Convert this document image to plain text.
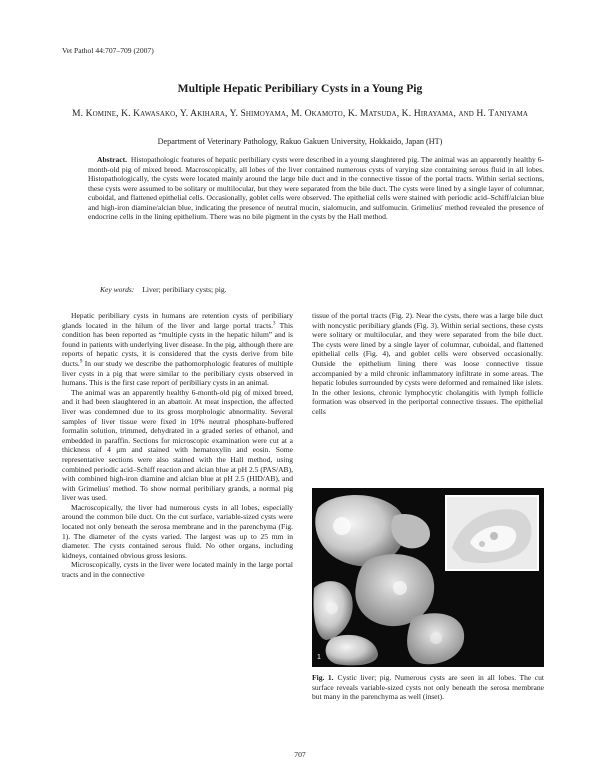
Vet Pathol 44:707–709 (2007)
Multiple Hepatic Peribiliary Cysts in a Young Pig
M. Komine, K. Kawasako, Y. Akihara, Y. Shimoyama, M. Okamoto, K. Matsuda, K. Hirayama, and H. Taniyama
Department of Veterinary Pathology, Rakuo Gakuen University, Hokkaido, Japan (HT)
Abstract. Histopathologic features of hepatic peribiliary cysts were described in a young slaughtered pig. The animal was an apparently healthy 6-month-old pig of mixed breed. Macroscopically, all lobes of the liver contained numerous cysts of varying size containing serous fluid in all lobes. Histopathologically, the cysts were located mainly around the large bile duct and in the connective tissue of the portal tracts. Within serial sections, these cysts were assumed to be solitary or multilocular, but they were separated from the bile duct. The cysts were lined by a single layer of columnar, cuboidal, and flattened epithelial cells. Occasionally, goblet cells were observed. The epithelial cells were stained with periodic acid–Schiff/alcian blue and high-iron diamine/alcian blue, indicating the presence of neutral mucin, sialomucin, and sulfomucin. Grimelius' method revealed the presence of endocrine cells in the lining epithelium. There was no bile pigment in the cysts by the Hall method.
Key words: Liver; peribiliary cysts; pig.

Hepatic peribiliary cysts in humans are retention cysts of peribiliary glands located in the hilum of the liver and large portal tracts.$^3$ This condition has been reported as “multiple cysts in the hepatic hilum” and is found in patients with underlying liver disease. In the pig, although there are reports of hepatic cysts, it is considered that the cysts derive from bile ducts.$^9$ In our study we describe the pathomorphologic features of multiple liver cysts in a pig that were similar to the peribiliary cysts observed in humans. This is the first case report of peribiliary cysts in an animal.

The animal was an apparently healthy 6-month-old pig of mixed breed, and it had been slaughtered in an abattoir. At meat inspection, the affected liver was condemned due to its gross morphologic abnormality. Several samples of liver tissue were fixed in 10% neutral phosphate-buffered formalin solution, trimmed, dehydrated in a graded series of ethanol, and embedded in paraffin. Sections for microscopic examination were cut at a thickness of 4 μm and stained with hematoxylin and eosin. Some representative sections were also stained with the Hall method, using combined periodic acid–Schiff reaction and alcian blue at pH 2.5 (PAS/AB), with combined high-iron diamine and alcian blue at pH 2.5 (HID/AB), and with Grimelius' method. To show normal peribiliary grands, a normal pig liver was used.

Macroscopically, the liver had numerous cysts in all lobes, especially around the common bile duct. On the cut surface, variable-sized cysts were located not only beneath the serosa membrane and in the parenchyma (Fig. 1). The diameter of the cysts varied. The largest was up to 25 mm in diameter. The cysts contained serous fluid. No other organs, including kidneys, contained obvious gross lesions.

Microscopically, cysts in the liver were located mainly in the large portal tracts and in the connective

tissue of the portal tracts (Fig. 2). Near the cysts, there was a large bile duct with noncystic peribiliary glands (Fig. 3). Within serial sections, these cysts were solitary or multilocular, and they were separated from the bile duct. The cysts were lined by a single layer of columnar, cuboidal, and flattened epithelial cells (Fig. 4), and goblet cells were observed occasionally. Outside the epithelium lining there was loose connective tissue accompanied by a mild chronic inflammatory infiltrate in some areas. The hepatic lobules surrounded by cysts were deformed and remained like islets. In the other lesions, chronic lymphocytic cholangitis with lymph follicle formation was observed in the periportal connective tissues. The epithelial cells

1
Fig. 1. Cystic liver; pig. Numerous cysts are seen in all lobes. The cut surface reveals variable-sized cysts not only beneath the serosa membrane but many in the parenchyma as well (inset).
707
